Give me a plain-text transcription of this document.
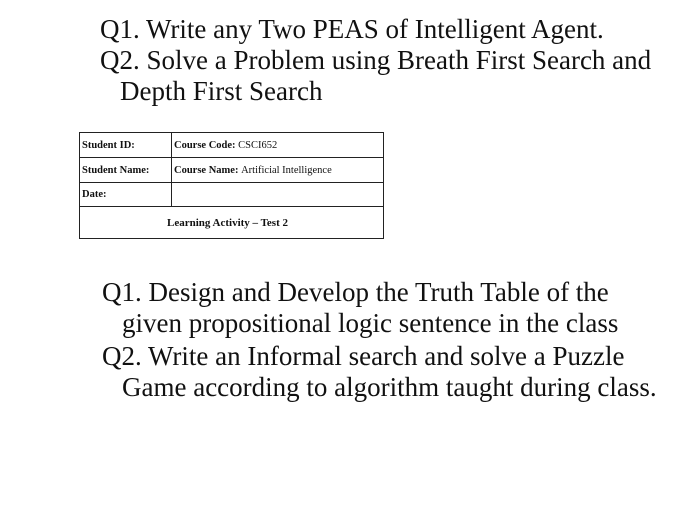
Q1. Write any Two PEAS of Intelligent Agent.
Q2. Solve a Problem using Breath First Search and Depth First Search
Student ID:	Course Code:
CSCI652
Student Name:	Course Name:
Artificial Intelligence
Date:
Learning Activity – Test 2
Q1. Design and Develop the Truth Table of the given propositional logic sentence in the class
Q2. Write an Informal search and solve a Puzzle Game according to algorithm taught during class.
